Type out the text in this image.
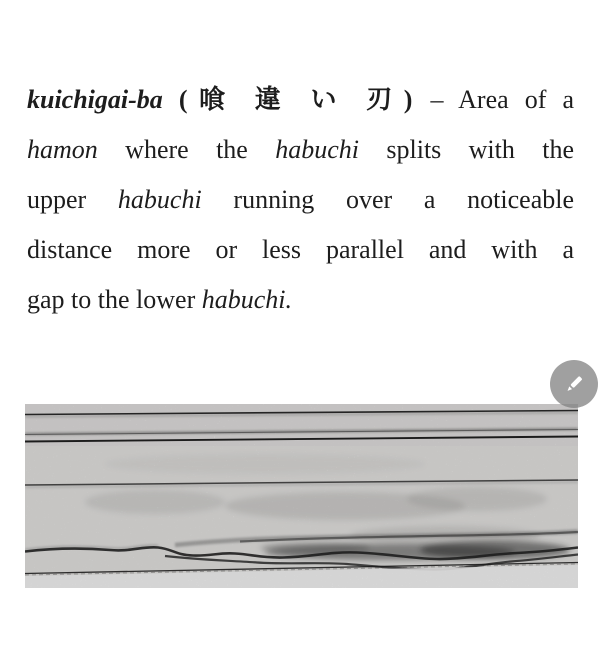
kuichigai-ba (喰 違 い 刃) – Area of a
hamon where the habuchi splits with the
upper habuchi running over a noticeable
distance more or less parallel and with a
gap to the lower habuchi.
